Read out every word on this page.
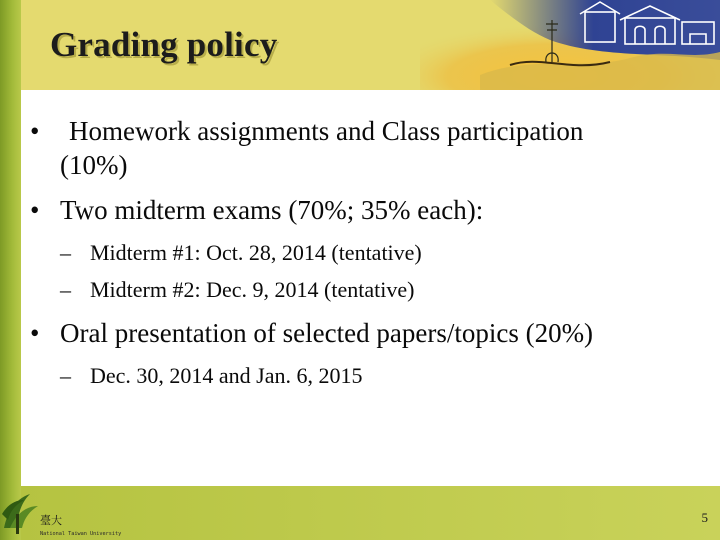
Grading policy
•	Homework assignments and Class participation
(10%)
• Two midterm exams (70%; 35% each):
– Midterm #1: Oct. 28, 2014 (tentative)
– Midterm #2: Dec. 9, 2014 (tentative)
• Oral presentation of selected papers/topics (20%)
– Dec. 30, 2014 and Jan. 6, 2015
臺大
National Taiwan University
5
